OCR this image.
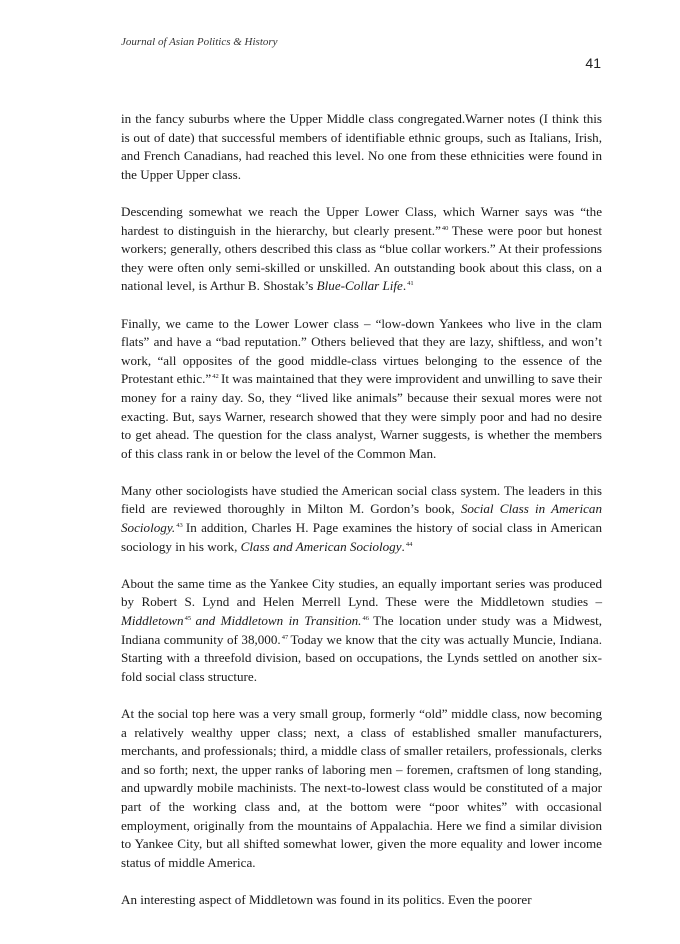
Journal of Asian Politics & History
41

in the fancy suburbs where the Upper Middle class congregated.Warner notes (I think this is out of date) that successful members of identifiable ethnic groups, such as Italians, Irish, and French Canadians, had reached this level. No one from these ethnicities were found in the Upper Upper class.

Descending somewhat we reach the Upper Lower Class, which Warner says was “the hardest to distinguish in the hierarchy, but clearly present.”$^{40}$ These were poor but honest workers; generally, others described this class as “blue collar workers.” At their professions they were often only semi-skilled or unskilled. An outstanding book about this class, on a national level, is Arthur B. Shostak’s Blue-Collar Life.$^{41}$

Finally, we came to the Lower Lower class – “low-down Yankees who live in the clam flats” and have a “bad reputation.” Others believed that they are lazy, shiftless, and won’t work, “all opposites of the good middle-class virtues belonging to the essence of the Protestant ethic.”$^{42}$ It was maintained that they were improvident and unwilling to save their money for a rainy day. So, they “lived like animals” because their sexual mores were not exacting. But, says Warner, research showed that they were simply poor and had no desire to get ahead. The question for the class analyst, Warner suggests, is whether the members of this class rank in or below the level of the Common Man.

Many other sociologists have studied the American social class system. The leaders in this field are reviewed thoroughly in Milton M. Gordon’s book, Social Class in American Sociology.$^{43}$ In addition, Charles H. Page examines the history of social class in American sociology in his work, Class and American Sociology.$^{44}$

About the same time as the Yankee City studies, an equally important series was produced by Robert S. Lynd and Helen Merrell Lynd. These were the Middletown studies – Middletown$^{45}$ and Middletown in Transition.$^{46}$ The location under study was a Midwest, Indiana community of 38,000.47 Today we know that the city was actually Muncie, Indiana. Starting with a threefold division, based on occupations, the Lynds settled on another six-fold social class structure.

At the social top here was a very small group, formerly “old” middle class, now becoming a relatively wealthy upper class; next, a class of established smaller manufacturers, merchants, and professionals; third, a middle class of smaller retailers, professionals, clerks and so forth; next, the upper ranks of laboring men – foremen, craftsmen of long standing, and upwardly mobile machinists. The next-to-lowest class would be constituted of a major part of the working class and, at the bottom were “poor whites” with occasional employment, originally from the mountains of Appalachia. Here we find a similar division to Yankee City, but all shifted somewhat lower, given the more equality and lower income status of middle America.

An interesting aspect of Middletown was found in its politics. Even the poorer
